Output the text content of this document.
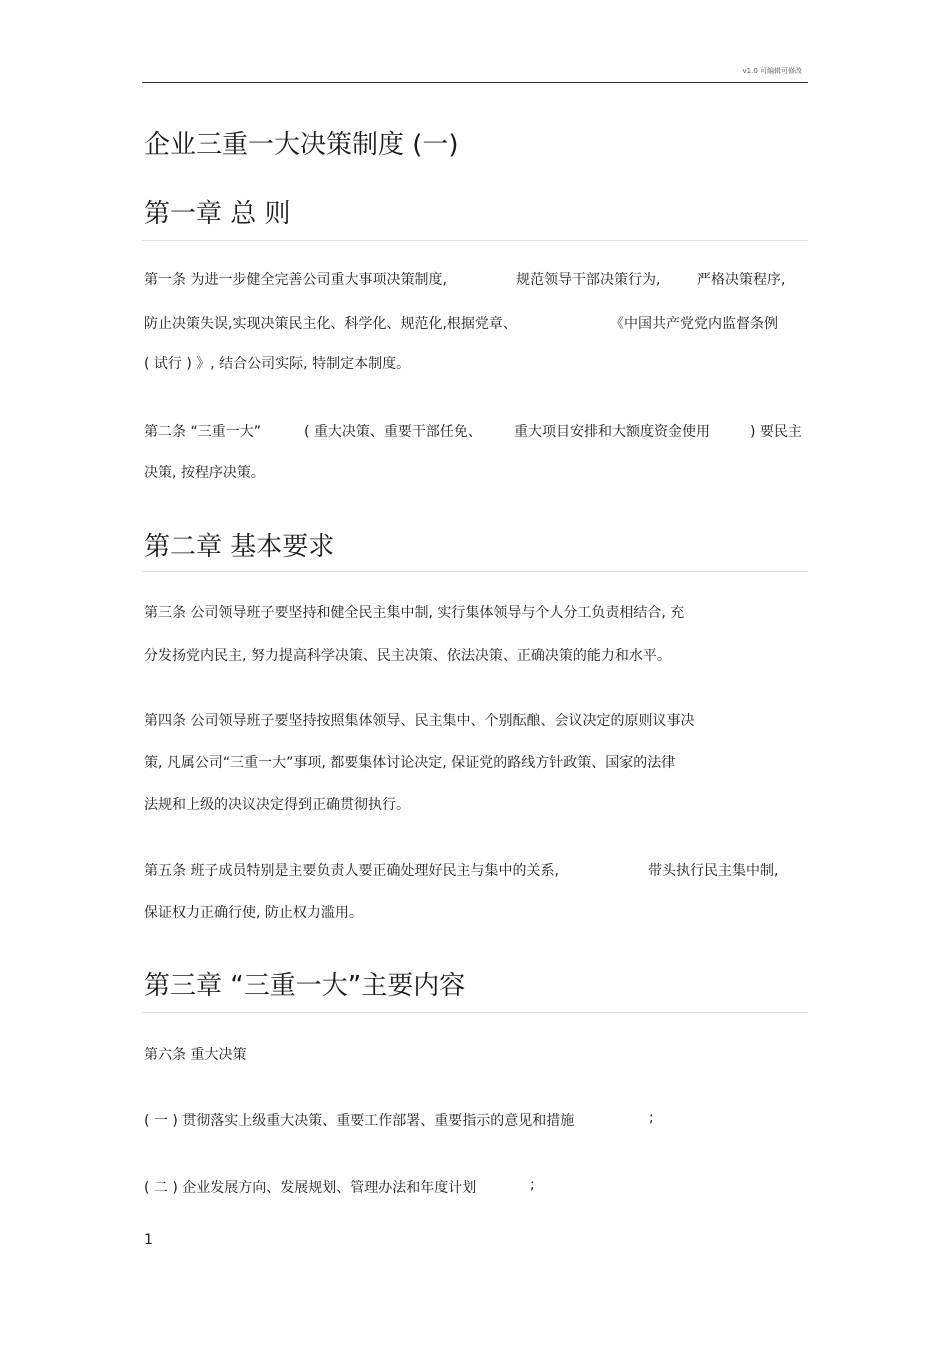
v1.0 可编辑可修改
企业三重一大决策制度 (一)
第一章 总 则
第一条 为进一步健全完善公司重大事项决策制度,	规范领导干部决策行为,	严格决策程序,
防止决策失误,实现决策民主化、科学化、规范化,根据党章、	《中国共产党党内监督条例
( 试行 ) 》, 结合公司实际, 特制定本制度。
第二条 “三重一大”	( 重大决策、重要干部任免、 重大项目安排和大额度资金使用	) 要民主
决策, 按程序决策。
第二章 基本要求
第三条 公司领导班子要坚持和健全民主集中制, 实行集体领导与个人分工负责相结合, 充
分发扬党内民主, 努力提高科学决策、民主决策、依法决策、正确决策的能力和水平。
第四条 公司领导班子要坚持按照集体领导、民主集中、个别酝酿、会议决定的原则议事决
策, 凡属公司“三重一大”事项, 都要集体讨论决定, 保证党的路线方针政策、国家的法律
法规和上级的决议决定得到正确贯彻执行。
第五条 班子成员特别是主要负责人要正确处理好民主与集中的关系,	带头执行民主集中制,
保证权力正确行使, 防止权力滥用。
第三章 “三重一大”主要内容
第六条 重大决策
( 一 ) 贯彻落实上级重大决策、重要工作部署、重要指示的意见和措施	;
( 二 ) 企业发展方向、发展规划、管理办法和年度计划	;
1
